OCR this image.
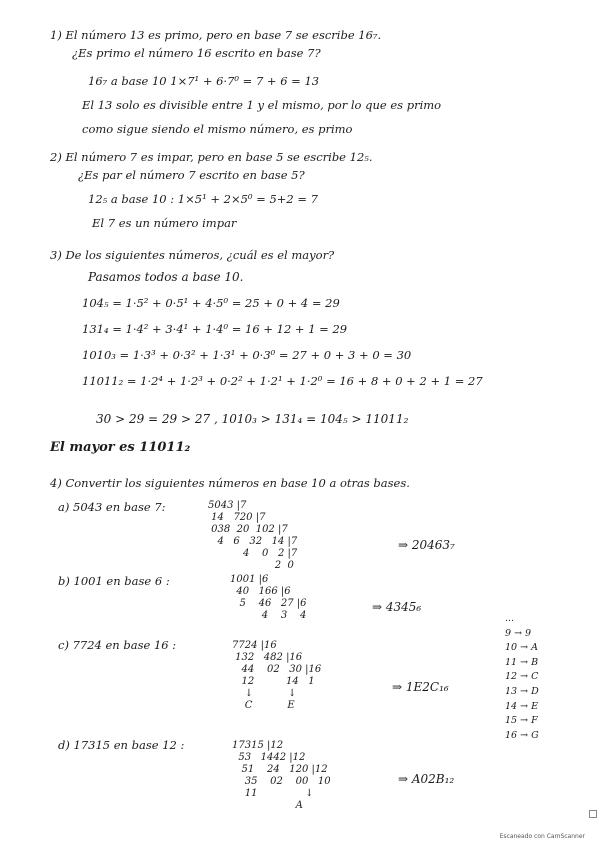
1) El número 13 es primo, pero en base 7 se escribe 16₇.
¿Es primo el número 16 escrito en base 7?
16₇ a base 10 1×7¹ + 6·7⁰ = 7 + 6 = 13
El 13 solo es divisible entre 1 y el mismo, por lo que es primo
como sigue siendo el mismo número, es primo
2) El número 7 es impar, pero en base 5 se escribe 12₅.
¿Es par el número 7 escrito en base 5?
12₅ a base 10 : 1×5¹ + 2×5⁰ = 5+2 = 7
El 7 es un número impar
3) De los siguientes números, ¿cuál es el mayor?
Pasamos todos a base 10.
104₅ = 1·5² + 0·5¹ + 4·5⁰ = 25 + 0 + 4 = 29
131₄ = 1·4² + 3·4¹ + 1·4⁰ = 16 + 12 + 1 = 29
1010₃ = 1·3³ + 0·3² + 1·3¹ + 0·3⁰ = 27 + 0 + 3 + 0 = 30
11011₂ = 1·2⁴ + 1·2³ + 0·2² + 1·2¹ + 1·2⁰ = 16 + 8 + 0 + 2 + 1 = 27
30 > 29 = 29 > 27 , 1010₃ > 131₄ = 104₅ > 11011₂
El mayor es 11011₂
4) Convertir los siguientes números en base 10 a otras bases.
a) 5043 en base 7:	5043 |7
14   720 |7
038  20  102 |7
4   6   32   14 |7
4    0   2 |7
2  0
⇒ 20463₇
b) 1001 en base 6 :	1001 |6
40   166 |6
5    46   27 |6
4    3    4
⇒ 4345₆
c) 7724 en base 16 :	7724 |16
132   482 |16
44    02   30 |16
12          14   1
↓           ↓
C           E
⇒ 1E2C₁₆
d) 17315 en base 12 :	17315 |12
53   1442 |12
51    24   120 |12
35    02    00   10
11               ↓
A
⇒ A02B₁₂
...
9 → 9
10 → A
11 → B
12 → C
13 → D
14 → E
15 → F
16 → G
Escaneado con CamScanner
